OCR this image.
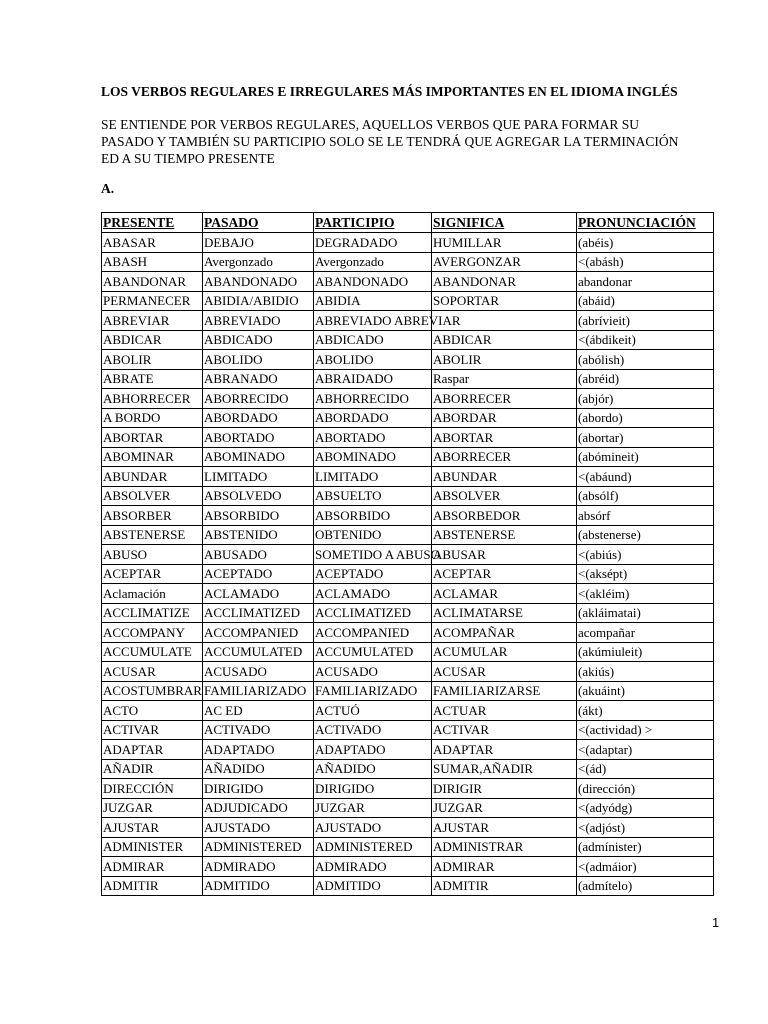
LOS VERBOS REGULARES E IRREGULARES MÁS IMPORTANTES EN EL IDIOMA INGLÉS
SE ENTIENDE POR VERBOS REGULARES, AQUELLOS VERBOS QUE PARA FORMAR SU
PASADO Y TAMBIÉN SU PARTICIPIO SOLO SE LE TENDRÁ QUE AGREGAR LA TERMINACIÓN
ED A SU TIEMPO PRESENTE
A.
PRESENTE	PASADO	PARTICIPIO	SIGNIFICA	PRONUNCIACIÓN
ABASAR	DEBAJO	DEGRADADO	HUMILLAR	(abéis)
ABASH	Avergonzado	Avergonzado	AVERGONZAR	<(abásh)
ABANDONAR	ABANDONADO	ABANDONADO	ABANDONAR	abandonar
PERMANECER	ABIDIA/ABIDIO	ABIDIA	SOPORTAR	(abáid)
ABREVIAR	ABREVIADO	ABREVIADO ABREVIAR		(abrívieit)
ABDICAR	ABDICADO	ABDICADO	ABDICAR	<(ábdikeit)
ABOLIR	ABOLIDO	ABOLIDO	ABOLIR	(abólish)
ABRATE	ABRANADO	ABRAIDADO	Raspar	(abréid)
ABHORRECER	ABORRECIDO	ABHORRECIDO	ABORRECER	(abjór)
A BORDO	ABORDADO	ABORDADO	ABORDAR	(abordo)
ABORTAR	ABORTADO	ABORTADO	ABORTAR	(abortar)
ABOMINAR	ABOMINADO	ABOMINADO	ABORRECER	(abómineit)
ABUNDAR	LIMITADO	LIMITADO	ABUNDAR	<(abáund)
ABSOLVER	ABSOLVEDO	ABSUELTO	ABSOLVER	(absólf)
ABSORBER	ABSORBIDO	ABSORBIDO	ABSORBEDOR	absórf
ABSTENERSE	ABSTENIDO	OBTENIDO	ABSTENERSE	(abstenerse)
ABUSO	ABUSADO	SOMETIDO A ABUSO	ABUSAR	<(abiús)
ACEPTAR	ACEPTADO	ACEPTADO	ACEPTAR	<(aksépt)
Aclamación	ACLAMADO	ACLAMADO	ACLAMAR	<(akléim)
ACCLIMATIZE	ACCLIMATIZED	ACCLIMATIZED	ACLIMATARSE	(akláimatai)
ACCOMPANY	ACCOMPANIED	ACCOMPANIED	ACOMPAÑAR	acompañar
ACCUMULATE	ACCUMULATED	ACCUMULATED	ACUMULAR	(akúmiuleit)
ACUSAR	ACUSADO	ACUSADO	ACUSAR	(akiús)
ACOSTUMBRAR	FAMILIARIZADO	FAMILIARIZADO	FAMILIARIZARSE	(akuáint)
ACTO	AC ED	ACTUÓ	ACTUAR	(ákt)
ACTIVAR	ACTIVADO	ACTIVADO	ACTIVAR	<(actividad) >
ADAPTAR	ADAPTADO	ADAPTADO	ADAPTAR	<(adaptar)
AÑADIR	AÑADIDO	AÑADIDO	SUMAR,AÑADIR	<(ád)
DIRECCIÓN	DIRIGIDO	DIRIGIDO	DIRIGIR	(dirección)
JUZGAR	ADJUDICADO	JUZGAR	JUZGAR	<(adyódg)
AJUSTAR	AJUSTADO	AJUSTADO	AJUSTAR	<(adjóst)
ADMINISTER	ADMINISTERED	ADMINISTERED	ADMINISTRAR	(admínister)
ADMIRAR	ADMIRADO	ADMIRADO	ADMIRAR	<(admáior)
ADMITIR	ADMITIDO	ADMITIDO	ADMITIR	(admítelo)
1
